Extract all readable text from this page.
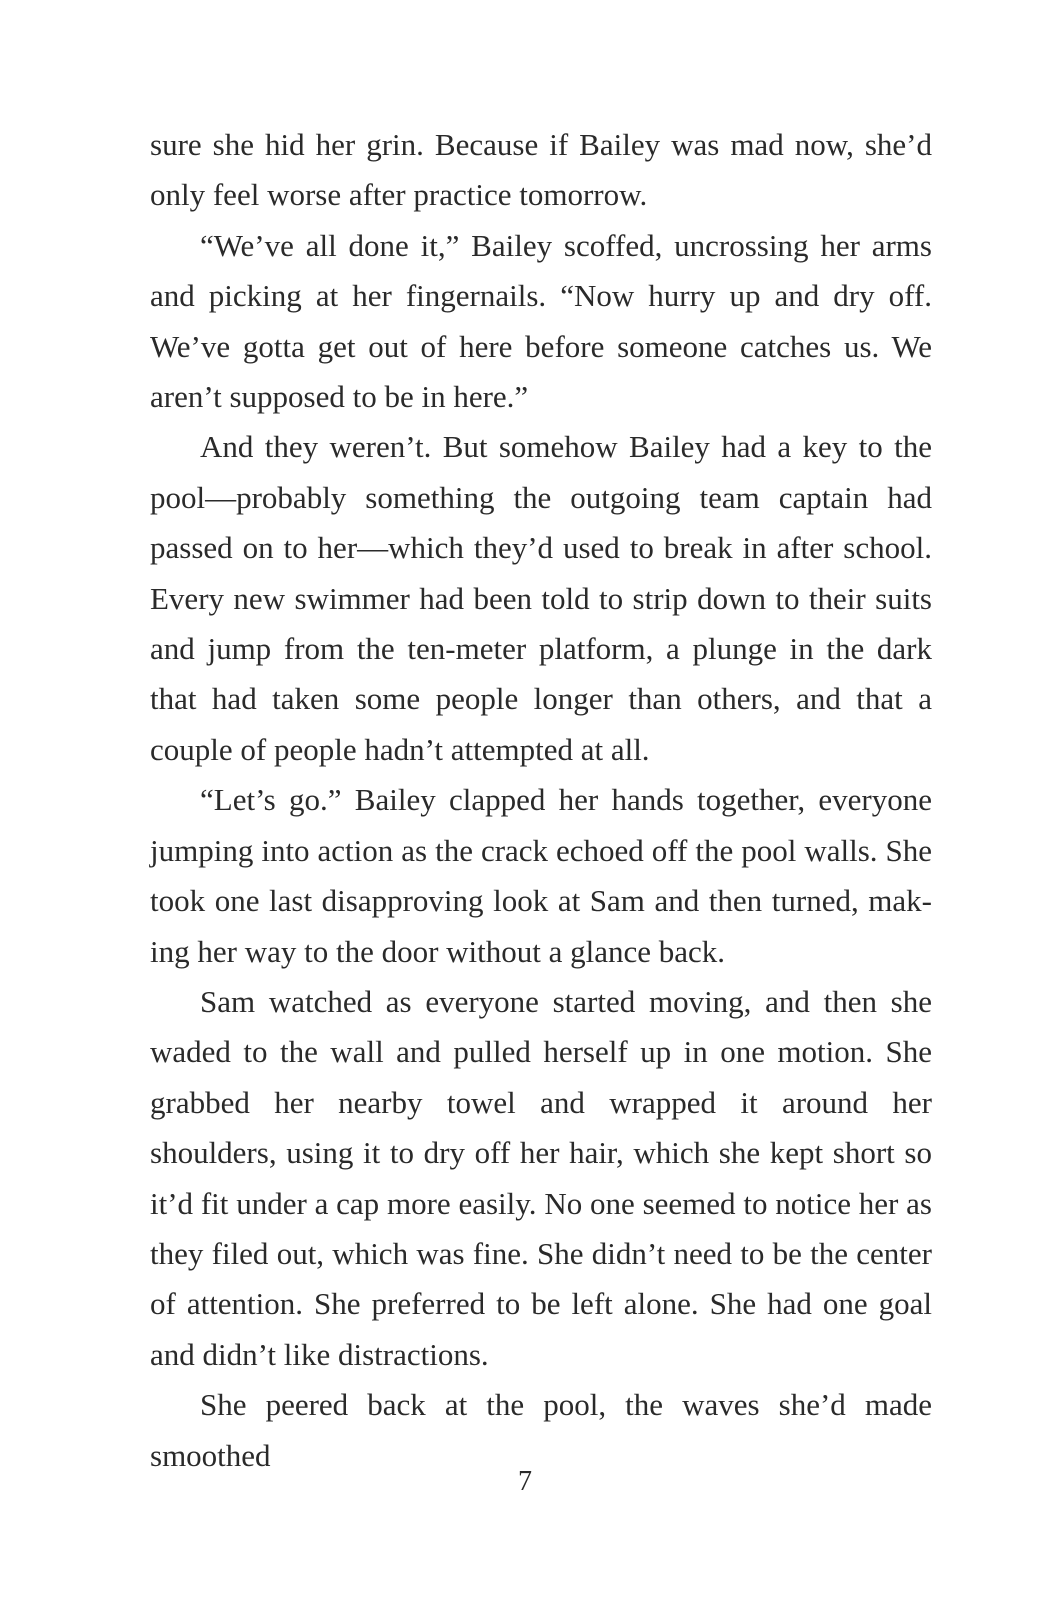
sure she hid her grin. Because if Bailey was mad now, she’d only feel worse after practice tomorrow.

“We’ve all done it,” Bailey scoffed, uncrossing her arms and picking at her fingernails. “Now hurry up and dry off. We’ve gotta get out of here before someone catches us. We aren’t supposed to be in here.”

And they weren’t. But somehow Bailey had a key to the pool—probably something the outgoing team captain had passed on to her—which they’d used to break in after school. Every new swimmer had been told to strip down to their suits and jump from the ten-meter platform, a plunge in the dark that had taken some people longer than others, and that a couple of people hadn’t attempted at all.

“Let’s go.” Bailey clapped her hands together, everyone jumping into action as the crack echoed off the pool walls. She took one last disapproving look at Sam and then turned, making her way to the door without a glance back.

Sam watched as everyone started moving, and then she waded to the wall and pulled herself up in one motion. She grabbed her nearby towel and wrapped it around her shoulders, using it to dry off her hair, which she kept short so it’d fit under a cap more easily. No one seemed to notice her as they filed out, which was fine. She didn’t need to be the center of attention. She preferred to be left alone. She had one goal and didn’t like distractions.

She peered back at the pool, the waves she’d made smoothed

7
